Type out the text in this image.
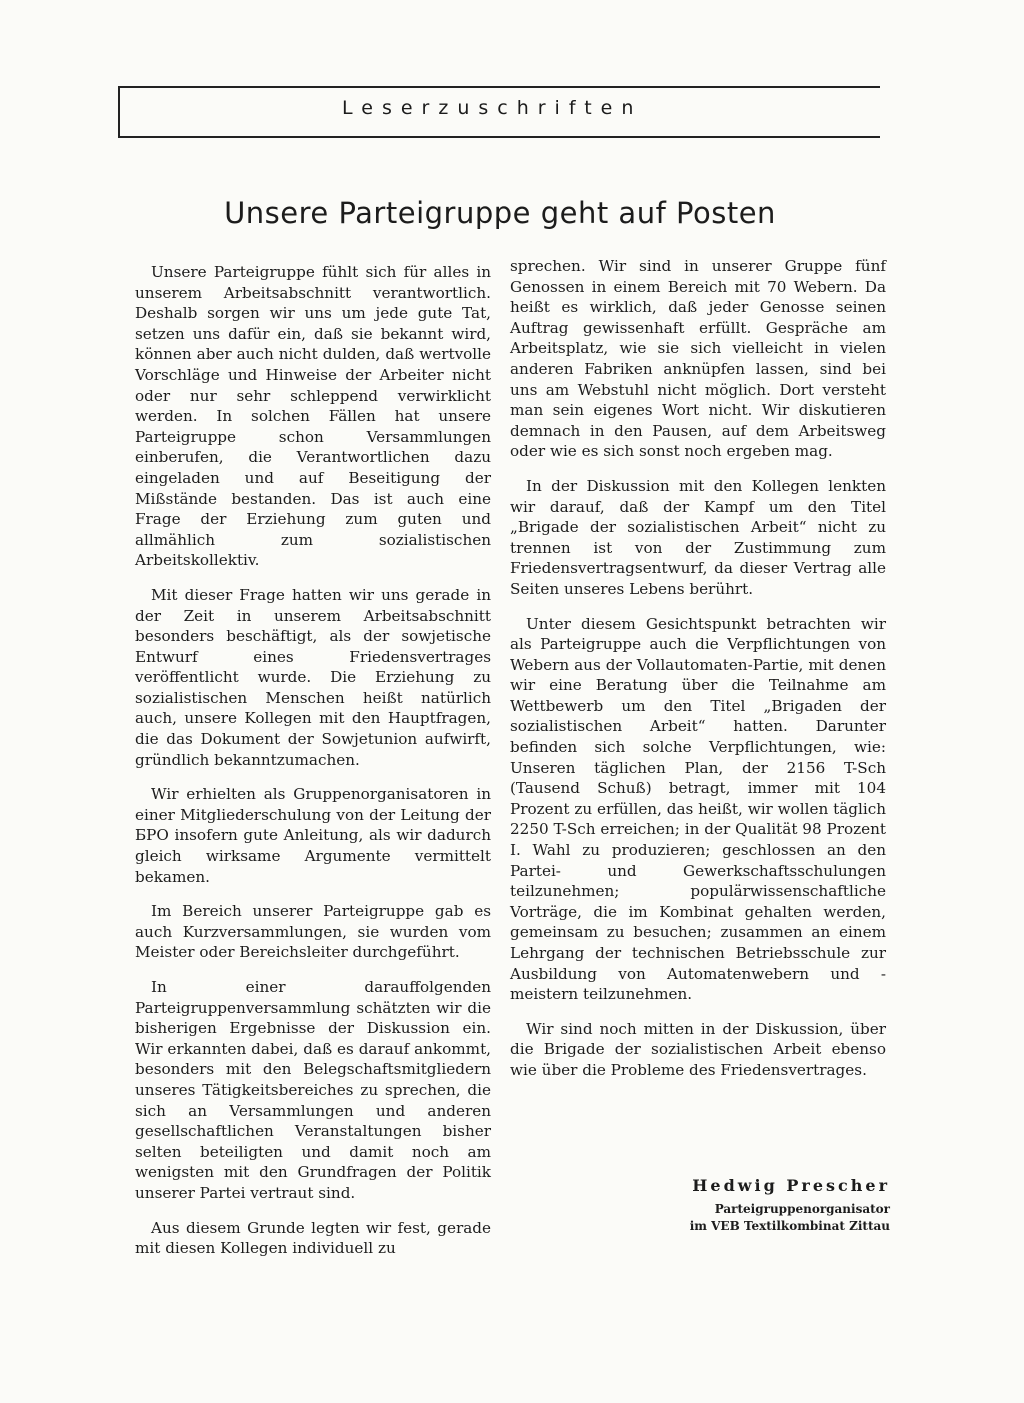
Leserzuschriften
Unsere Parteigruppe geht auf Posten

Unsere Parteigruppe fühlt sich für alles in unserem Arbeitsabschnitt verantwortlich. Deshalb sorgen wir uns um jede gute Tat, setzen uns dafür ein, daß sie bekannt wird, können aber auch nicht dulden, daß wertvolle Vorschläge und Hinweise der Arbeiter nicht oder nur sehr schleppend verwirklicht werden. In solchen Fällen hat unsere Parteigruppe schon Versammlungen einberufen, die Verantwortlichen dazu eingeladen und auf Beseitigung der Mißstände bestanden. Das ist auch eine Frage der Erziehung zum guten und allmählich zum sozialistischen Arbeitskollektiv.

Mit dieser Frage hatten wir uns gerade in der Zeit in unserem Arbeitsabschnitt besonders beschäftigt, als der sowjetische Entwurf eines Friedensvertrages veröffentlicht wurde. Die Erziehung zu sozialistischen Menschen heißt natürlich auch, unsere Kollegen mit den Hauptfragen, die das Dokument der Sowjetunion aufwirft, gründlich bekanntzumachen.

Wir erhielten als Gruppenorganisatoren in einer Mitgliederschulung von der Leitung der БPO insofern gute Anleitung, als wir dadurch gleich wirksame Argumente vermittelt bekamen.

Im Bereich unserer Parteigruppe gab es auch Kurzversammlungen, sie wurden vom Meister oder Bereichsleiter durchgeführt.

In einer darauffolgenden Parteigruppenversammlung schätzten wir die bisherigen Ergebnisse der Diskussion ein. Wir erkannten dabei, daß es darauf ankommt, besonders mit den Belegschaftsmitgliedern unseres Tätigkeitsbereiches zu sprechen, die sich an Versammlungen und anderen gesellschaftlichen Veranstaltungen bisher selten beteiligten und damit noch am wenigsten mit den Grundfragen der Politik unserer Partei vertraut sind.

Aus diesem Grunde legten wir fest, gerade mit diesen Kollegen individuell zu

sprechen. Wir sind in unserer Gruppe fünf Genossen in einem Bereich mit 70 Webern. Da heißt es wirklich, daß jeder Genosse seinen Auftrag gewissenhaft erfüllt. Gespräche am Arbeitsplatz, wie sie sich vielleicht in vielen anderen Fabriken anknüpfen lassen, sind bei uns am Webstuhl nicht möglich. Dort versteht man sein eigenes Wort nicht. Wir diskutieren demnach in den Pausen, auf dem Arbeitsweg oder wie es sich sonst noch ergeben mag.

In der Diskussion mit den Kollegen lenkten wir darauf, daß der Kampf um den Titel „Brigade der sozialistischen Arbeit“ nicht zu trennen ist von der Zustimmung zum Friedensvertragsentwurf, da dieser Vertrag alle Seiten unseres Lebens berührt.

Unter diesem Gesichtspunkt betrachten wir als Parteigruppe auch die Verpflichtungen von Webern aus der Vollautomaten-Partie, mit denen wir eine Beratung über die Teilnahme am Wettbewerb um den Titel „Brigaden der sozialistischen Arbeit“ hatten. Darunter befinden sich solche Verpflichtungen, wie: Unseren täglichen Plan, der 2156 T-Sch (Tausend Schuß) betragt, immer mit 104 Prozent zu erfüllen, das heißt, wir wollen täglich 2250 T-Sch erreichen; in der Qualität 98 Prozent I. Wahl zu produzieren; geschlossen an den Partei- und Gewerkschaftsschulungen teilzunehmen; populärwissenschaftliche Vorträge, die im Kombinat gehalten werden, gemeinsam zu besuchen; zusammen an einem Lehrgang der technischen Betriebsschule zur Ausbildung von Automatenwebern und -meistern teilzunehmen.

Wir sind noch mitten in der Diskussion, über die Brigade der sozialistischen Arbeit ebenso wie über die Probleme des Friedensvertrages.

Hedwig Prescher
Parteigruppenorganisator
im VEB Textilkombinat Zittau
